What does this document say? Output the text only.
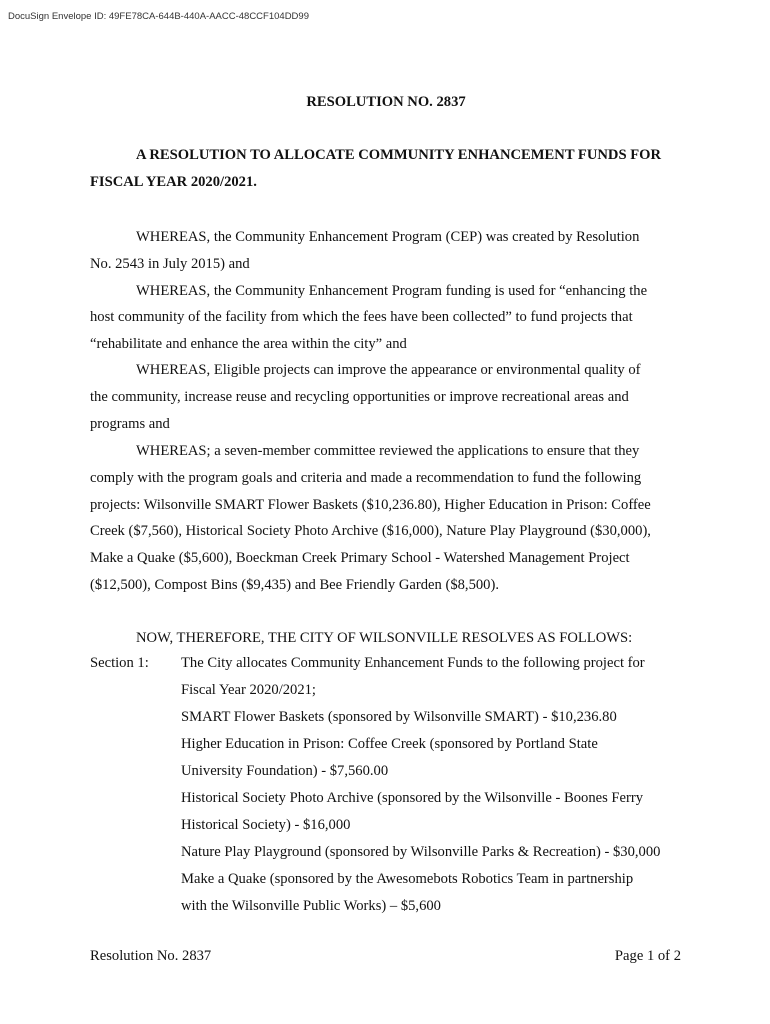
DocuSign Envelope ID: 49FE78CA-644B-440A-AACC-48CCF104DD99
RESOLUTION NO. 2837
A RESOLUTION TO ALLOCATE COMMUNITY ENHANCEMENT FUNDS FOR
FISCAL YEAR 2020/2021.
WHEREAS, the Community Enhancement Program (CEP) was created by Resolution
No. 2543 in July 2015) and
WHEREAS, the Community Enhancement Program funding is used for “enhancing the
host community of the facility from which the fees have been collected” to fund projects that
“rehabilitate and enhance the area within the city” and
WHEREAS, Eligible projects can improve the appearance or environmental quality of
the community, increase reuse and recycling opportunities or improve recreational areas and
programs and
WHEREAS; a seven-member committee reviewed the applications to ensure that they
comply with the program goals and criteria and made a recommendation to fund the following
projects: Wilsonville SMART Flower Baskets ($10,236.80), Higher Education in Prison: Coffee
Creek ($7,560), Historical Society Photo Archive ($16,000), Nature Play Playground ($30,000),
Make a Quake ($5,600), Boeckman Creek Primary School - Watershed Management Project
($12,500), Compost Bins ($9,435) and Bee Friendly Garden ($8,500).
NOW, THEREFORE, THE CITY OF WILSONVILLE RESOLVES AS FOLLOWS:
Section 1: The City allocates Community Enhancement Funds to the following project for
Fiscal Year 2020/2021;
SMART Flower Baskets (sponsored by Wilsonville SMART) - $10,236.80
Higher Education in Prison: Coffee Creek (sponsored by Portland State
University Foundation) - $7,560.00
Historical Society Photo Archive (sponsored by the Wilsonville - Boones Ferry
Historical Society) - $16,000
Nature Play Playground (sponsored by Wilsonville Parks & Recreation) - $30,000
Make a Quake (sponsored by the Awesomebots Robotics Team in partnership
with the Wilsonville Public Works) – $5,600
Resolution No. 2837	Page 1 of 2
